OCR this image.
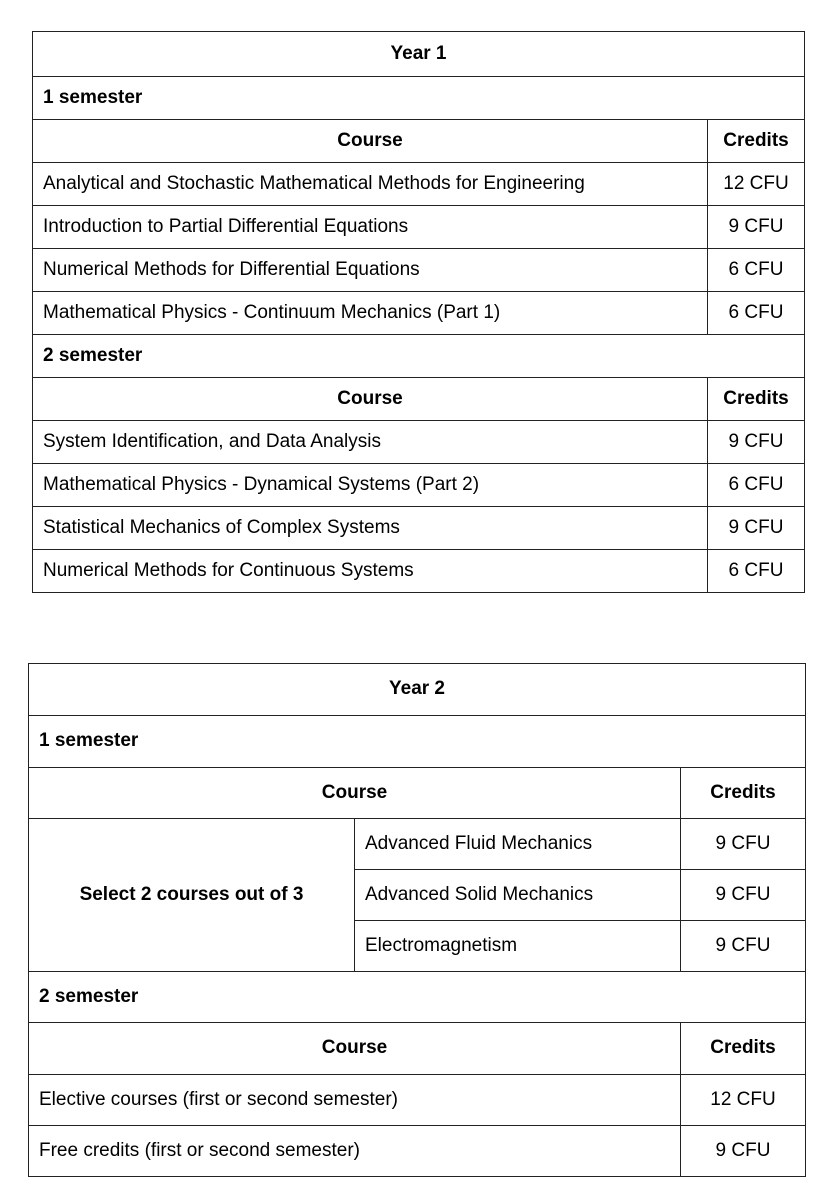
Year 1	
1 semester	
Course	Credits
Analytical and Stochastic Mathematical Methods for Engineering	12 CFU
Introduction to Partial Differential Equations	9 CFU
Numerical Methods for Differential Equations	6 CFU
Mathematical Physics - Continuum Mechanics (Part 1)	6 CFU
2 semester	
Course	Credits
System Identification, and Data Analysis	9 CFU
Mathematical Physics - Dynamical Systems (Part 2)	6 CFU
Statistical Mechanics of Complex Systems	9 CFU
Numerical Methods for Continuous Systems	6 CFU
Year 2		
1 semester		
Course		Credits
Select 2 courses out of 3	Advanced Fluid Mechanics	9 CFU
	Advanced Solid Mechanics	9 CFU
	Electromagnetism	9 CFU
2 semester		
Course		Credits
Elective courses (first or second semester)		12 CFU
Free credits (first or second semester)		9 CFU
